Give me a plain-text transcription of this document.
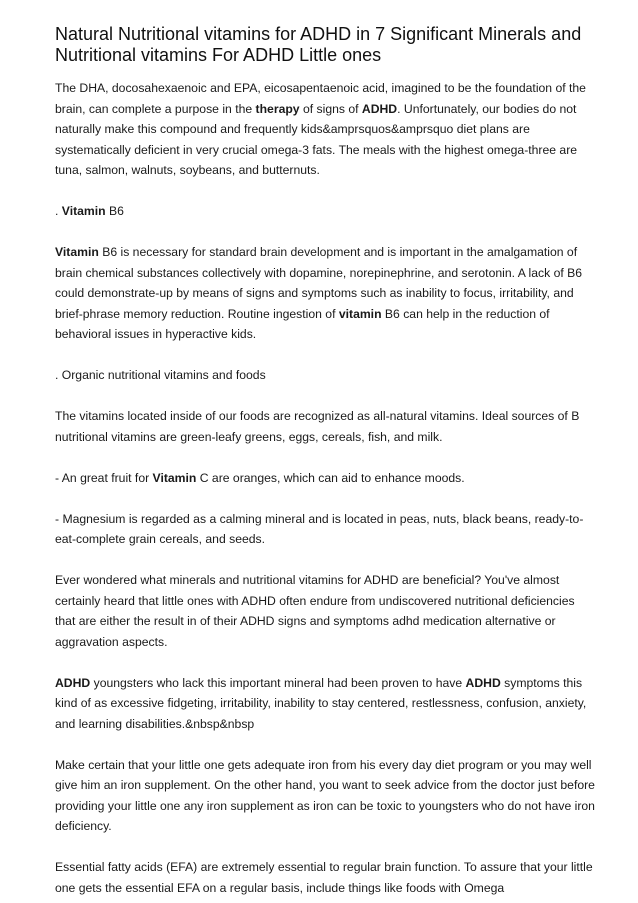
Natural Nutritional vitamins for ADHD in 7 Significant Minerals and Nutritional vitamins For ADHD Little ones

The DHA, docosahexaenoic and EPA, eicosapentaenoic acid, imagined to be the foundation of the brain, can complete a purpose in the therapy of signs of ADHD. Unfortunately, our bodies do not naturally make this compound and frequently kids&amprsquos&amprsquo diet plans are systematically deficient in very crucial omega-3 fats. The meals with the highest omega-three are tuna, salmon, walnuts, soybeans, and butternuts.

. Vitamin B6

Vitamin B6 is necessary for standard brain development and is important in the amalgamation of brain chemical substances collectively with dopamine, norepinephrine, and serotonin. A lack of B6 could demonstrate-up by means of signs and symptoms such as inability to focus, irritability, and brief-phrase memory reduction. Routine ingestion of vitamin B6 can help in the reduction of behavioral issues in hyperactive kids.

. Organic nutritional vitamins and foods

The vitamins located inside of our foods are recognized as all-natural vitamins. Ideal sources of B nutritional vitamins are green-leafy greens, eggs, cereals, fish, and milk.

- An great fruit for Vitamin C are oranges, which can aid to enhance moods.

- Magnesium is regarded as a calming mineral and is located in peas, nuts, black beans, ready-to-eat-complete grain cereals, and seeds.

Ever wondered what minerals and nutritional vitamins for ADHD are beneficial? You've almost certainly heard that little ones with ADHD often endure from undiscovered nutritional deficiencies that are either the result in of their ADHD signs and symptoms adhd medication alternative or aggravation aspects.

ADHD youngsters who lack this important mineral had been proven to have ADHD symptoms this kind of as excessive fidgeting, irritability, inability to stay centered, restlessness, confusion, anxiety, and learning disabilities.&nbsp&nbsp

Make certain that your little one gets adequate iron from his every day diet program or you may well give him an iron supplement. On the other hand, you want to seek advice from the doctor just before providing your little one any iron supplement as iron can be toxic to youngsters who do not have iron deficiency.

Essential fatty acids (EFA) are extremely essential to regular brain function. To assure that your little one gets the essential EFA on a regular basis, include things like foods with Omega
